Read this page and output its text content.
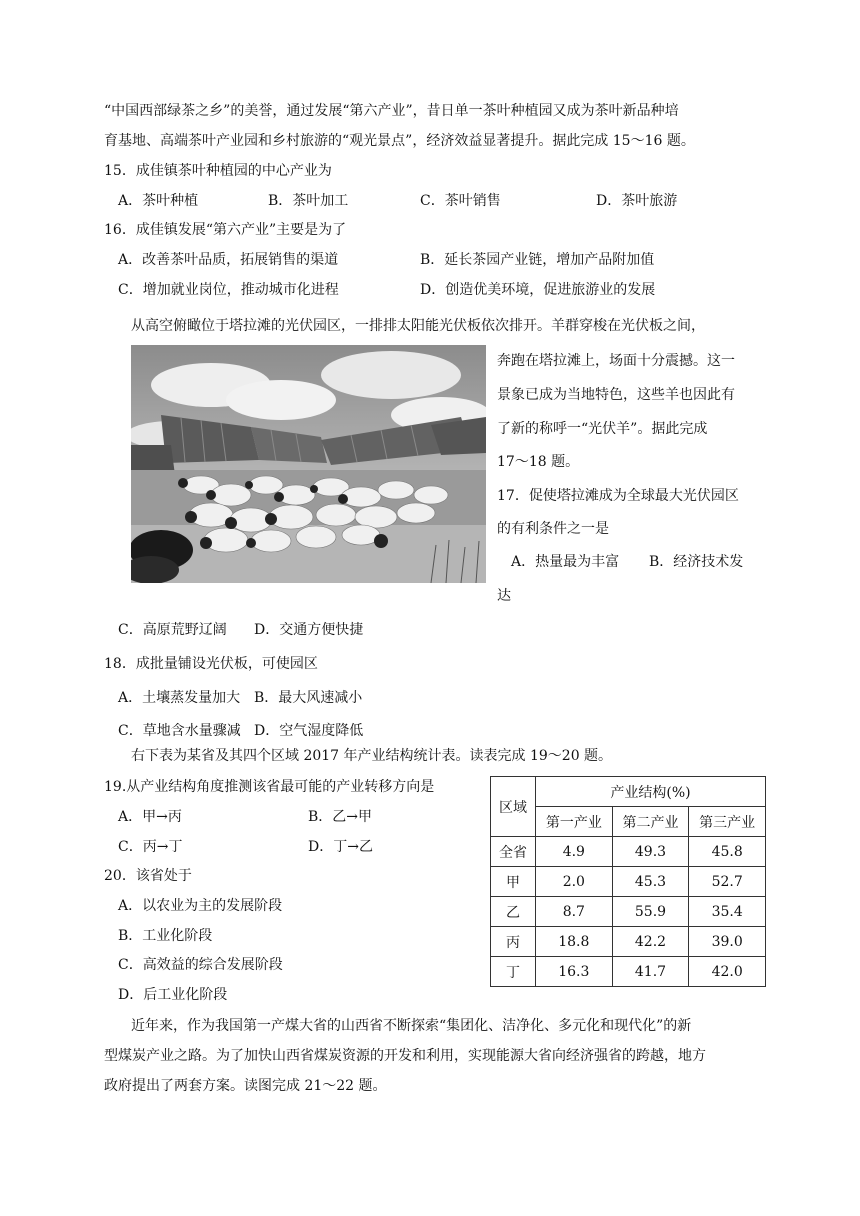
“中国西部绿茶之乡”的美誉，通过发展“第六产业”，昔日单一茶叶种植园又成为茶叶新品种培
育基地、高端茶叶产业园和乡村旅游的“观光景点”，经济效益显著提升。据此完成 15～16 题。
15．成佳镇茶叶种植园的中心产业为
A．茶叶种植	B．茶叶加工	C．茶叶销售	D．茶叶旅游
16．成佳镇发展“第六产业”主要是为了
A．改善茶叶品质，拓展销售的渠道	B．延长茶园产业链，增加产品附加值
C．增加就业岗位，推动城市化进程	D．创造优美环境，促进旅游业的发展
从高空俯瞰位于塔拉滩的光伏园区，一排排太阳能光伏板依次排开。羊群穿梭在光伏板之间，
奔跑在塔拉滩上，场面十分震撼。这一
景象已成为当地特色，这些羊也因此有
了新的称呼一“光伏羊”。据此完成
17～18 题。
17．促使塔拉滩成为全球最大光伏园区
的有利条件之一是
A．热量最为丰富 B．经济技术发
达
C．高原荒野辽阔 D．交通方便快捷
18．成批量铺设光伏板，可使园区
A．土壤蒸发量加大 B．最大风速减小
C．草地含水量骤减 D．空气湿度降低
右下表为某省及其四个区域 2017 年产业结构统计表。读表完成 19～20 题。
19.从产业结构角度推测该省最可能的产业转移方向是
A．甲→丙	B．乙→甲
C．丙→丁	D．丁→乙
20．该省处于
A．以农业为主的发展阶段
B．工业化阶段
C．高效益的综合发展阶段
D．后工业化阶段
区域	产业结构(%)		
	第一产业	第二产业	第三产业
全省	4.9	49.3	45.8
甲	2.0	45.3	52.7
乙	8.7	55.9	35.4
丙	18.8	42.2	39.0
丁	16.3	41.7	42.0
近年来，作为我国第一产煤大省的山西省不断探索“集团化、洁净化、多元化和现代化”的新
型煤炭产业之路。为了加快山西省煤炭资源的开发和利用，实现能源大省向经济强省的跨越，地方
政府提出了两套方案。读图完成 21～22 题。
